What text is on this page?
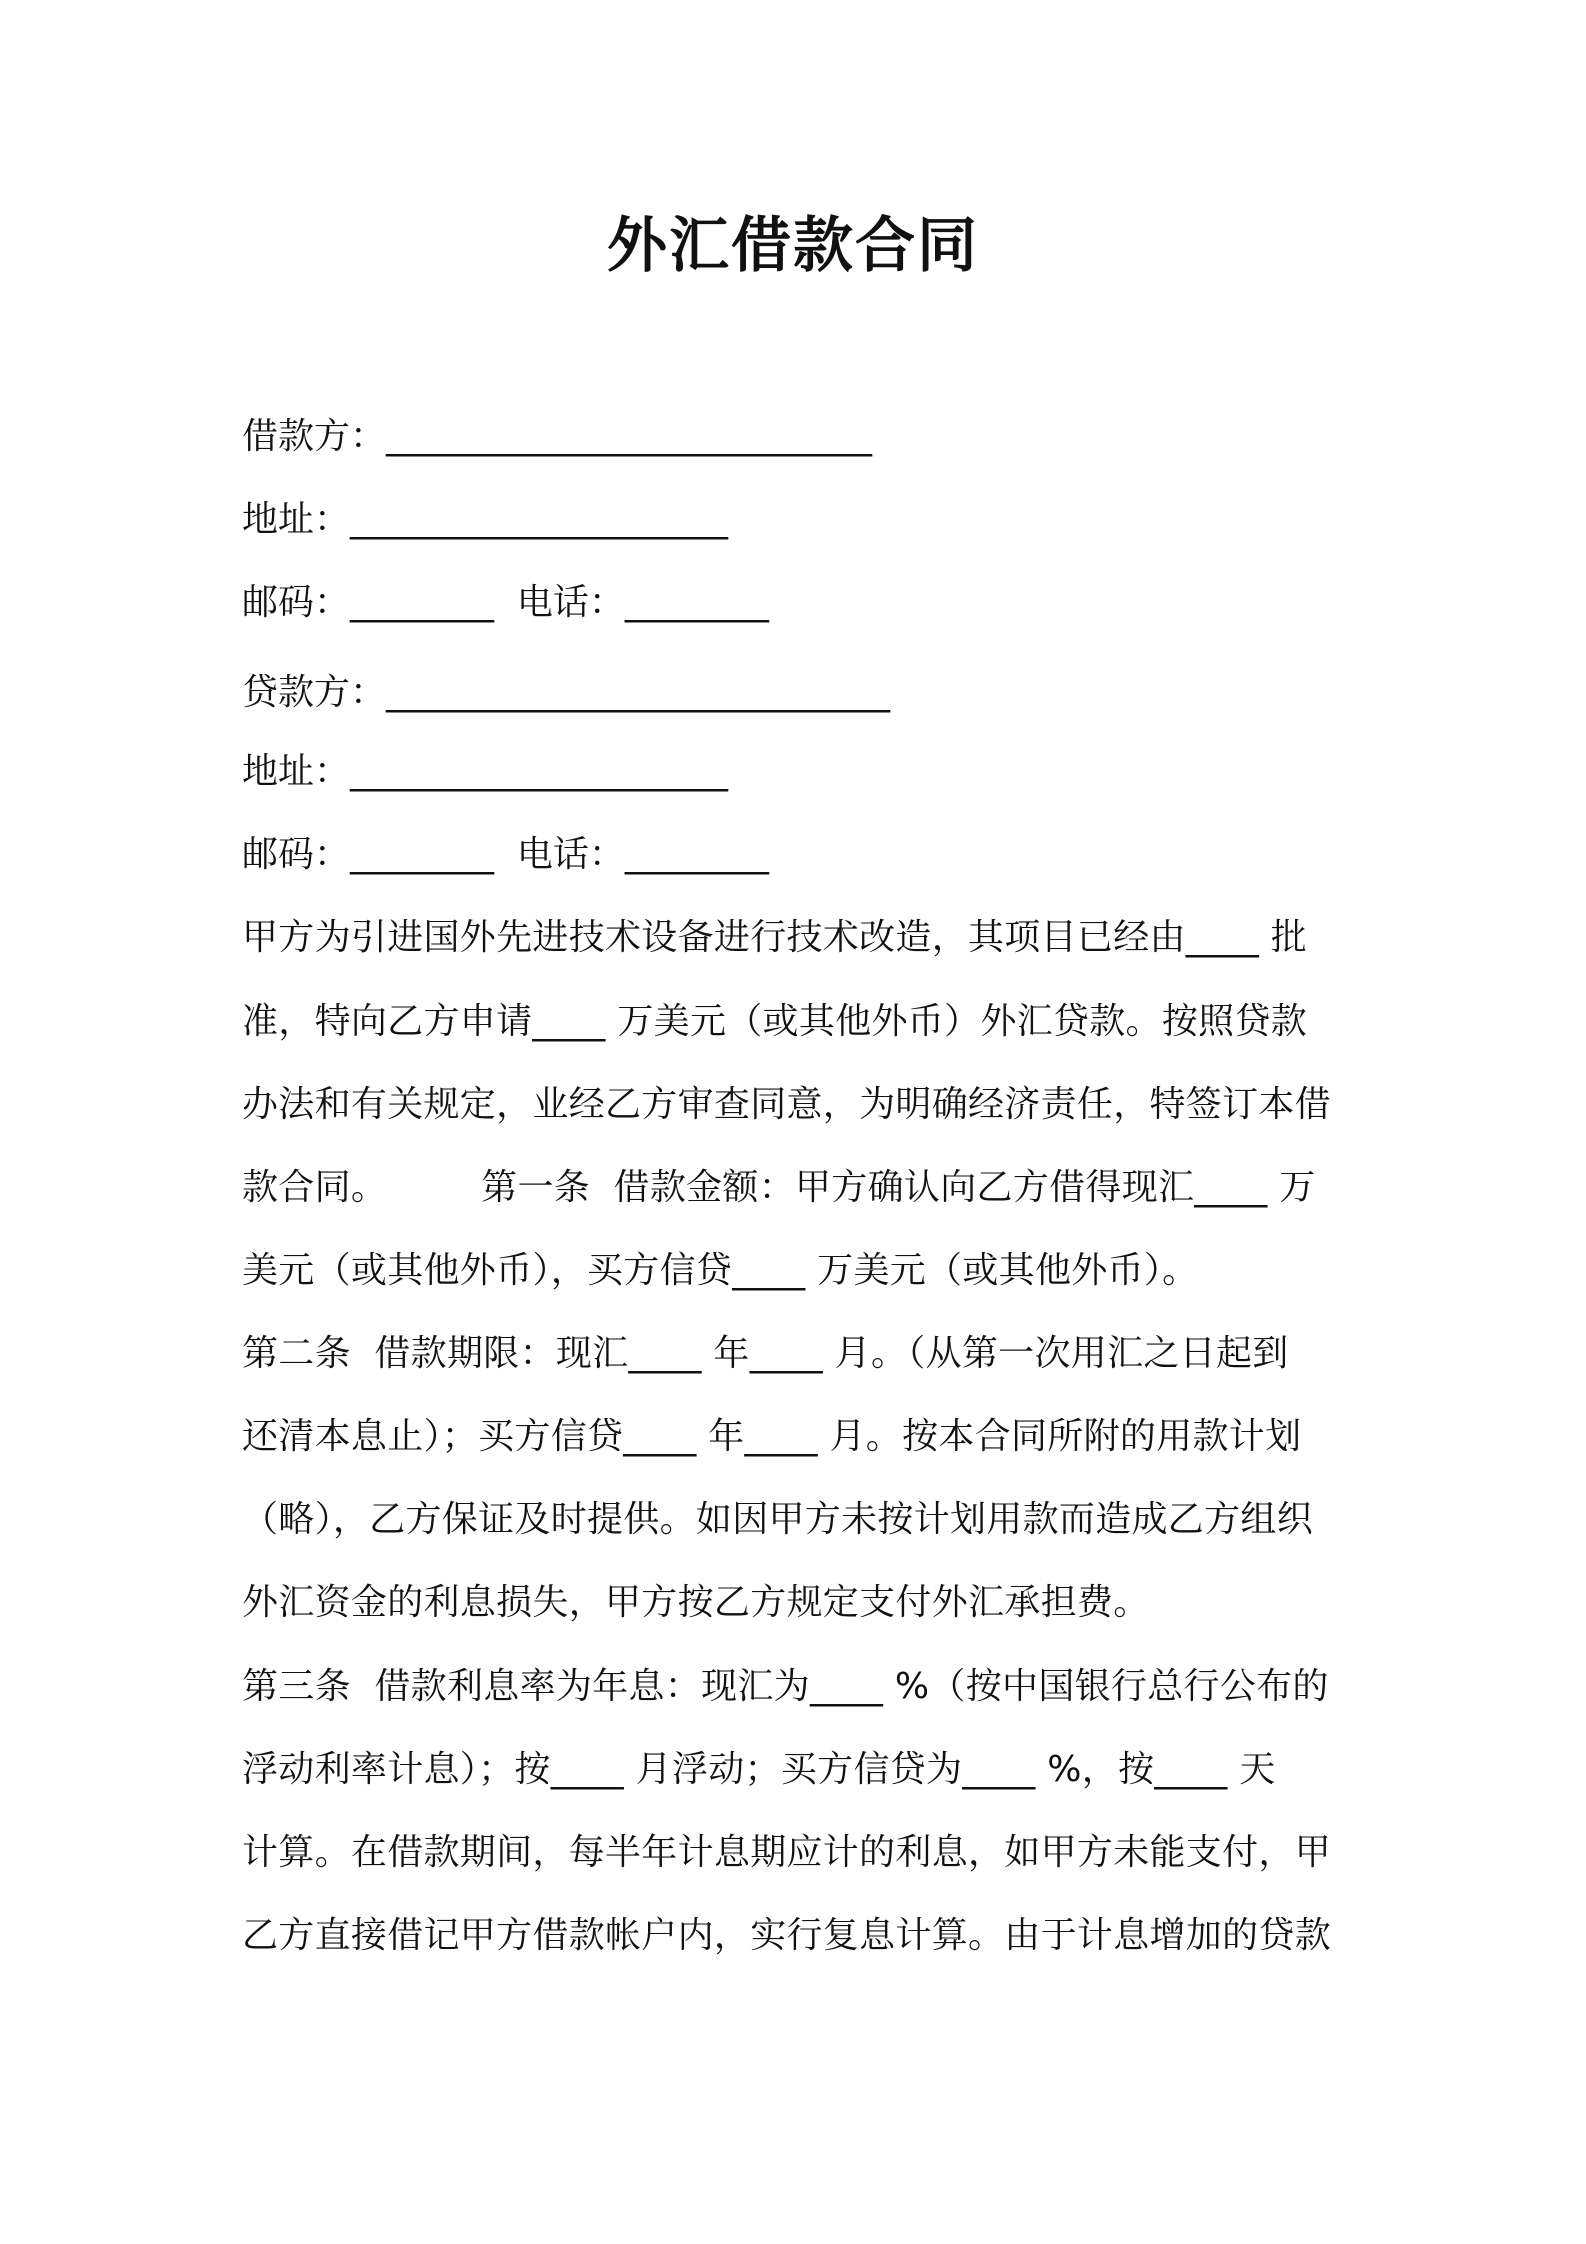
外汇借款合同
借款方：___________________________
地址：_____________________
邮码：________  电话：________
贷款方：____________________________
地址：_____________________
邮码：________  电话：________
甲方为引进国外先进技术设备进行技术改造，其项目已经由____ 批
准，特向乙方申请____ 万美元（或其他外币）外汇贷款。按照贷款
办法和有关规定，业经乙方审查同意，为明确经济责任，特签订本借
款合同。        第一条  借款金额：甲方确认向乙方借得现汇____ 万
美元（或其他外币），买方信贷____ 万美元（或其他外币）。
第二条  借款期限：现汇____ 年____ 月。（从第一次用汇之日起到
还清本息止）；买方信贷____ 年____ 月。按本合同所附的用款计划
（略），乙方保证及时提供。如因甲方未按计划用款而造成乙方组织
外汇资金的利息损失，甲方按乙方规定支付外汇承担费。
第三条  借款利息率为年息：现汇为____ %（按中国银行总行公布的
浮动利率计息）；按____ 月浮动；买方信贷为____ %，按____ 天
计算。在借款期间，每半年计息期应计的利息，如甲方未能支付，甲
乙方直接借记甲方借款帐户内，实行复息计算。由于计息增加的贷款
